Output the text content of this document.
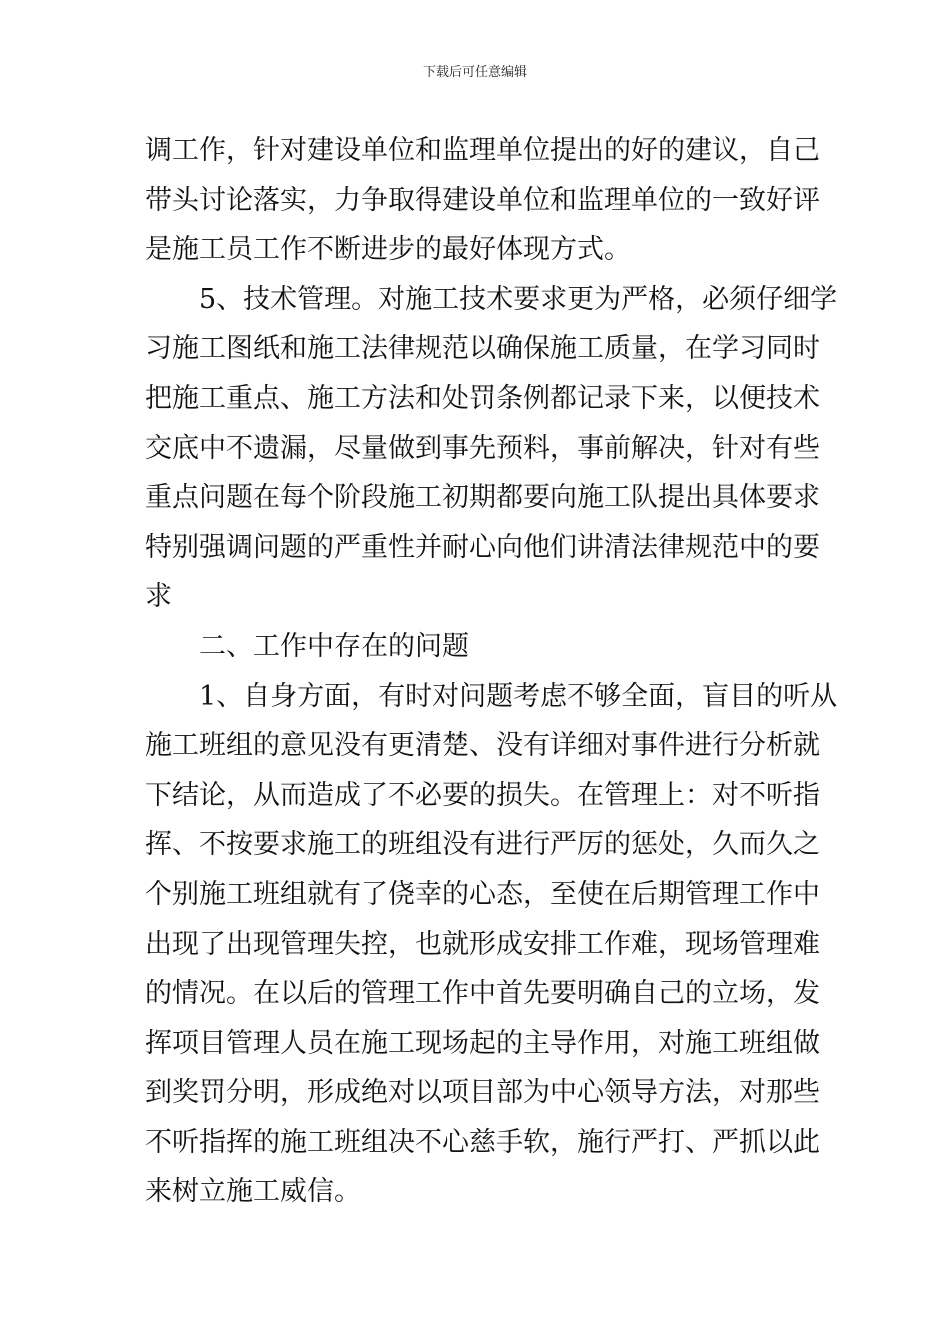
下载后可任意编辑
调工作，针对建设单位和监理单位提出的好的建议，自己
带头讨论落实，力争取得建设单位和监理单位的一致好评
是施工员工作不断进步的最好体现方式。
5、技术管理。对施工技术要求更为严格，必须仔细学
习施工图纸和施工法律规范以确保施工质量，在学习同时
把施工重点、施工方法和处罚条例都记录下来，以便技术
交底中不遗漏，尽量做到事先预料，事前解决，针对有些
重点问题在每个阶段施工初期都要向施工队提出具体要求
特别强调问题的严重性并耐心向他们讲清法律规范中的要
求
二、工作中存在的问题
1、自身方面，有时对问题考虑不够全面，盲目的听从
施工班组的意见没有更清楚、没有详细对事件进行分析就
下结论，从而造成了不必要的损失。在管理上：对不听指
挥、不按要求施工的班组没有进行严厉的惩处，久而久之
个别施工班组就有了侥幸的心态，至使在后期管理工作中
出现了出现管理失控，也就形成安排工作难，现场管理难
的情况。在以后的管理工作中首先要明确自己的立场，发
挥项目管理人员在施工现场起的主导作用，对施工班组做
到奖罚分明，形成绝对以项目部为中心领导方法，对那些
不听指挥的施工班组决不心慈手软，施行严打、严抓以此
来树立施工威信。
